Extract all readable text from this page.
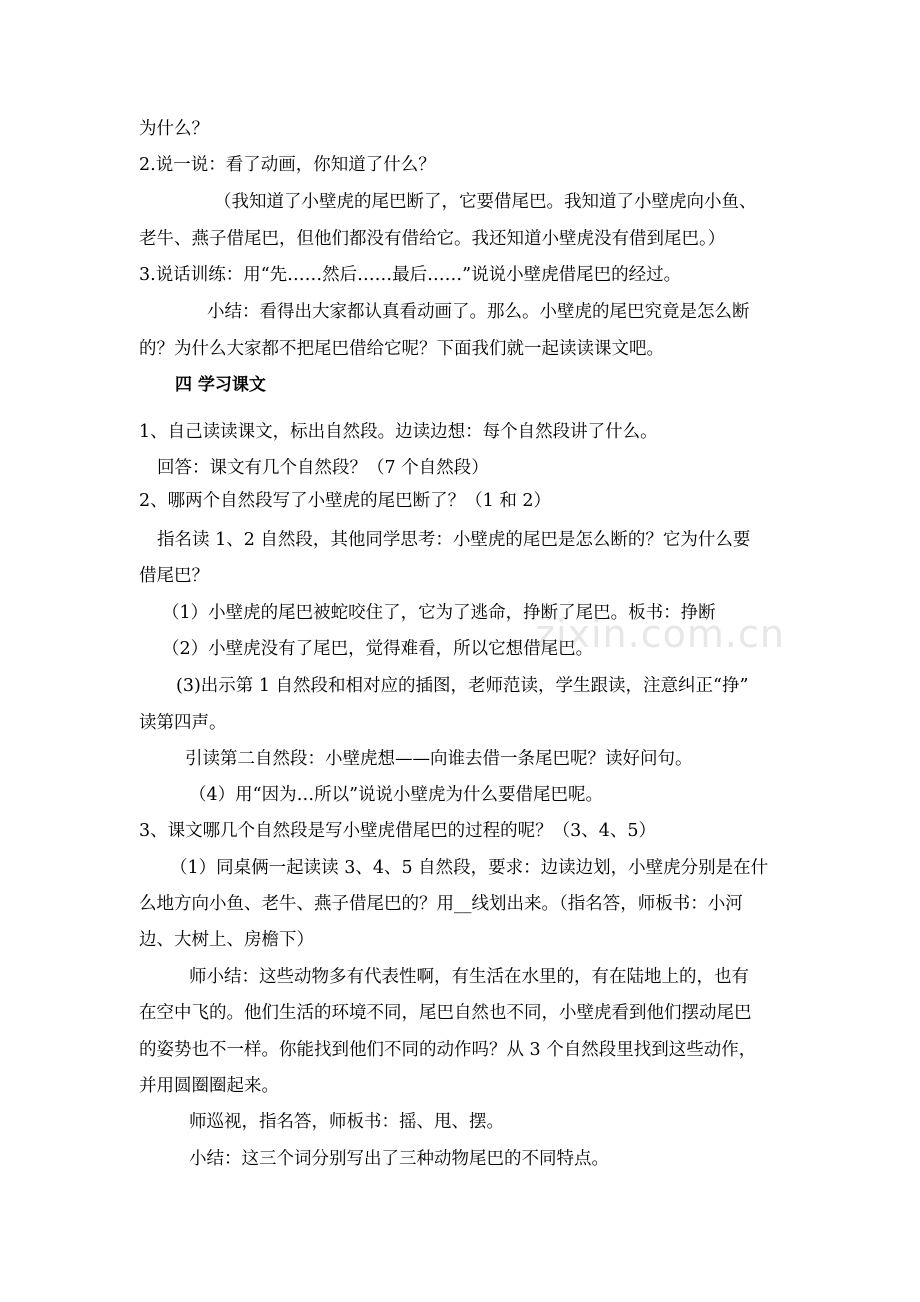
为什么？
2.说一说：看了动画，你知道了什么？
（我知道了小壁虎的尾巴断了，它要借尾巴。我知道了小壁虎向小鱼、
老牛、燕子借尾巴，但他们都没有借给它。我还知道小壁虎没有借到尾巴。）
3.说话训练：用“先……然后……最后……”说说小壁虎借尾巴的经过。
小结：看得出大家都认真看动画了。那么。小壁虎的尾巴究竟是怎么断
的？为什么大家都不把尾巴借给它呢？下面我们就一起读读课文吧。
四 学习课文
1、自己读读课文，标出自然段。边读边想：每个自然段讲了什么。
回答：课文有几个自然段？（7 个自然段）
2、哪两个自然段写了小壁虎的尾巴断了？（1 和 2）
指名读 1、2 自然段，其他同学思考：小壁虎的尾巴是怎么断的？它为什么要
借尾巴？
（1）小壁虎的尾巴被蛇咬住了，它为了逃命，挣断了尾巴。板书：挣断
（2）小壁虎没有了尾巴，觉得难看，所以它想借尾巴。
(3)出示第 1 自然段和相对应的插图，老师范读，学生跟读，注意纠正“挣”
读第四声。
引读第二自然段：小壁虎想——向谁去借一条尾巴呢？读好问句。
（4）用“因为…所以”说说小壁虎为什么要借尾巴呢。
3、课文哪几个自然段是写小壁虎借尾巴的过程的呢？（3、4、5）
（1）同桌俩一起读读 3、4、5 自然段，要求：边读边划，小壁虎分别是在什
么地方向小鱼、老牛、燕子借尾巴的？用__线划出来。（指名答，师板书：小河
边、大树上、房檐下）
师小结：这些动物多有代表性啊，有生活在水里的，有在陆地上的，也有
在空中飞的。他们生活的环境不同，尾巴自然也不同，小壁虎看到他们摆动尾巴
的姿势也不一样。你能找到他们不同的动作吗？从 3 个自然段里找到这些动作，
并用圆圈圈起来。
师巡视，指名答，师板书：摇、甩、摆。
小结：这三个词分别写出了三种动物尾巴的不同特点。
zixin.com.cn
